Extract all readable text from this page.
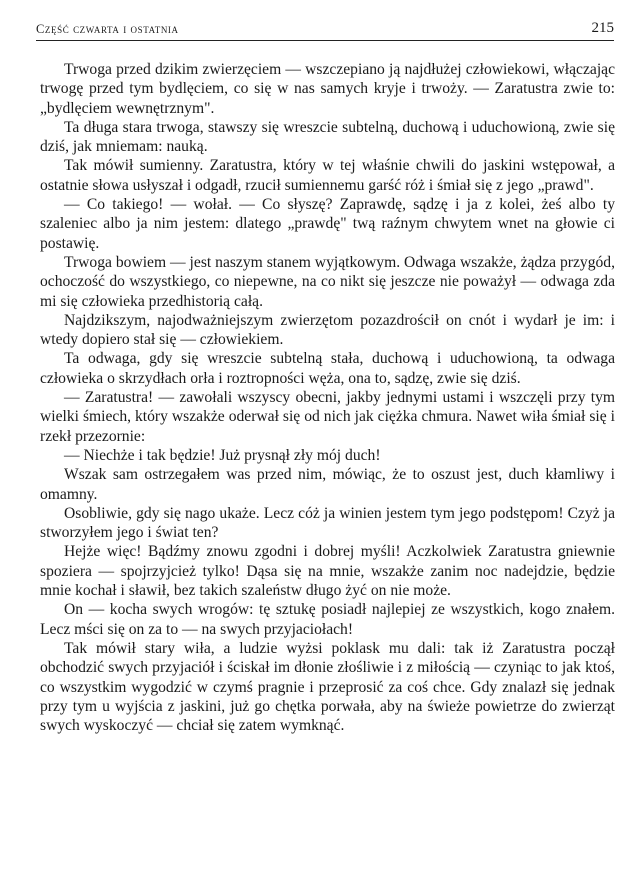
Część czwarta i ostatnia	215

Trwoga przed dzikim zwierzęciem — wszczepiano ją najdłużej człowiekowi, włączając trwogę przed tym bydlęciem, co się w nas samych kryje i trwoży. — Zaratustra zwie to: „bydlęciem wewnętrznym".

Ta długa stara trwoga, stawszy się wreszcie subtelną, duchową i uduchowioną, zwie się dziś, jak mniemam: nauką.

Tak mówił sumienny. Zaratustra, który w tej właśnie chwili do jaskini wstępował, a ostatnie słowa usłyszał i odgadł, rzucił sumiennemu garść róż i śmiał się z jego „prawd".

— Co takiego! — wołał. — Co słyszę? Zaprawdę, sądzę i ja z kolei, żeś albo ty szaleniec albo ja nim jestem: dlatego „prawdę" twą raźnym chwytem wnet na głowie ci postawię.

Trwoga bowiem — jest naszym stanem wyjątkowym. Odwaga wszakże, żądza przygód, ochoczość do wszystkiego, co niepewne, na co nikt się jeszcze nie poważył — odwaga zda mi się człowieka przedhistorią całą.

Najdzikszym, najodważniejszym zwierzętom pozazdrościł on cnót i wydarł je im: i wtedy dopiero stał się — człowiekiem.

Ta odwaga, gdy się wreszcie subtelną stała, duchową i uduchowioną, ta odwaga człowieka o skrzydłach orła i roztropności węża, ona to, sądzę, zwie się dziś.

— Zaratustra! — zawołali wszyscy obecni, jakby jednymi ustami i wszczęli przy tym wielki śmiech, który wszakże oderwał się od nich jak ciężka chmura. Nawet wiła śmiał się i rzekł przezornie:

— Niechże i tak będzie! Już prysnął zły mój duch!

Wszak sam ostrzegałem was przed nim, mówiąc, że to oszust jest, duch kłamliwy i omamny.

Osobliwie, gdy się nago ukaże. Lecz cóż ja winien jestem tym jego podstępom! Czyż ja stworzyłem jego i świat ten?

Hejże więc! Bądźmy znowu zgodni i dobrej myśli! Aczkolwiek Zaratustra gniewnie spoziera — spojrzyjcież tylko! Dąsa się na mnie, wszakże zanim noc nadejdzie, będzie mnie kochał i sławił, bez takich szaleństw długo żyć on nie może.

On — kocha swych wrogów: tę sztukę posiadł najlepiej ze wszystkich, kogo znałem. Lecz mści się on za to — na swych przyjaciołach!

Tak mówił stary wiła, a ludzie wyżsi poklask mu dali: tak iż Zaratustra począł obchodzić swych przyjaciół i ściskał im dłonie złośliwie i z miłością — czyniąc to jak ktoś, co wszystkim wygodzić w czymś pragnie i przeprosić za coś chce. Gdy znalazł się jednak przy tym u wyjścia z jaskini, już go chętka porwała, aby na świeże powietrze do zwierząt swych wyskoczyć — chciał się zatem wymknąć.
